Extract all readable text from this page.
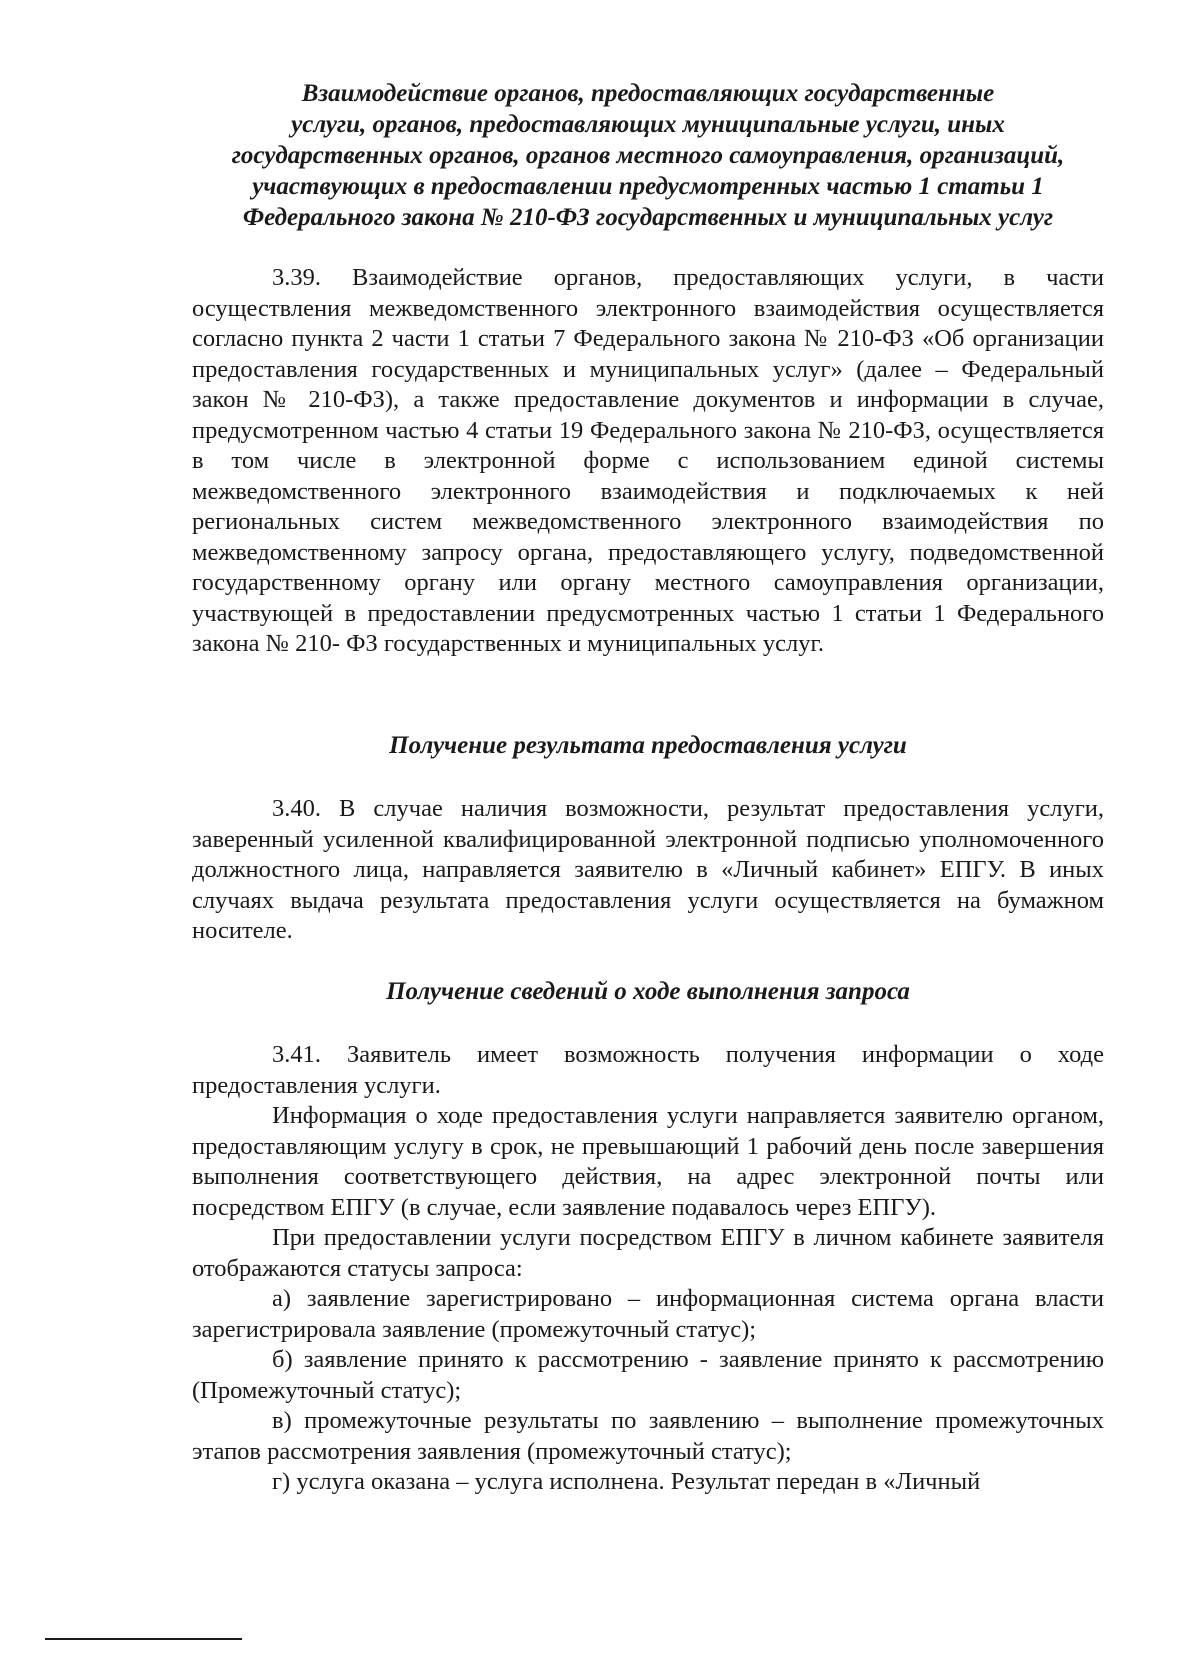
Взаимодействие органов, предоставляющих государственные
услуги, органов, предоставляющих муниципальные услуги, иных
государственных органов, органов местного самоуправления, организаций,
участвующих в предоставлении предусмотренных частью 1 статьи 1
Федерального закона № 210-ФЗ государственных и муниципальных услуг

3.39. Взаимодействие органов, предоставляющих услуги, в части осуществления межведомственного электронного взаимодействия осуществляется согласно пункта 2 части 1 статьи 7 Федерального закона № 210-ФЗ «Об организации предоставления государственных и муниципальных услуг» (далее – Федеральный закон № 210-ФЗ), а также предоставление документов и информации в случае, предусмотренном частью 4 статьи 19 Федерального закона № 210-ФЗ, осуществляется в том числе в электронной форме с использованием единой системы межведомственного электронного взаимодействия и подключаемых к ней региональных систем межведомственного электронного взаимодействия по межведомственному запросу органа, предоставляющего услугу, подведомственной государственному органу или органу местного самоуправления организации, участвующей в предоставлении предусмотренных частью 1 статьи 1 Федерального закона № 210- ФЗ государственных и муниципальных услуг.

Получение результата предоставления услуги

3.40. В случае наличия возможности, результат предоставления услуги, заверенный усиленной квалифицированной электронной подписью уполномоченного должностного лица, направляется заявителю в «Личный кабинет» ЕПГУ. В иных случаях выдача результата предоставления услуги осуществляется на бумажном носителе.

Получение сведений о ходе выполнения запроса

3.41. Заявитель имеет возможность получения информации о ходе предоставления услуги.

Информация о ходе предоставления услуги направляется заявителю органом, предоставляющим услугу в срок, не превышающий 1 рабочий день после завершения выполнения соответствующего действия, на адрес электронной почты или посредством ЕПГУ (в случае, если заявление подавалось через ЕПГУ).

При предоставлении услуги посредством ЕПГУ в личном кабинете заявителя отображаются статусы запроса:

а) заявление зарегистрировано – информационная система органа власти зарегистрировала заявление (промежуточный статус);

б) заявление принято к рассмотрению - заявление принято к рассмотрению (Промежуточный статус);

в) промежуточные результаты по заявлению – выполнение промежуточных этапов рассмотрения заявления (промежуточный статус);

г) услуга оказана – услуга исполнена. Результат передан в «Личный
